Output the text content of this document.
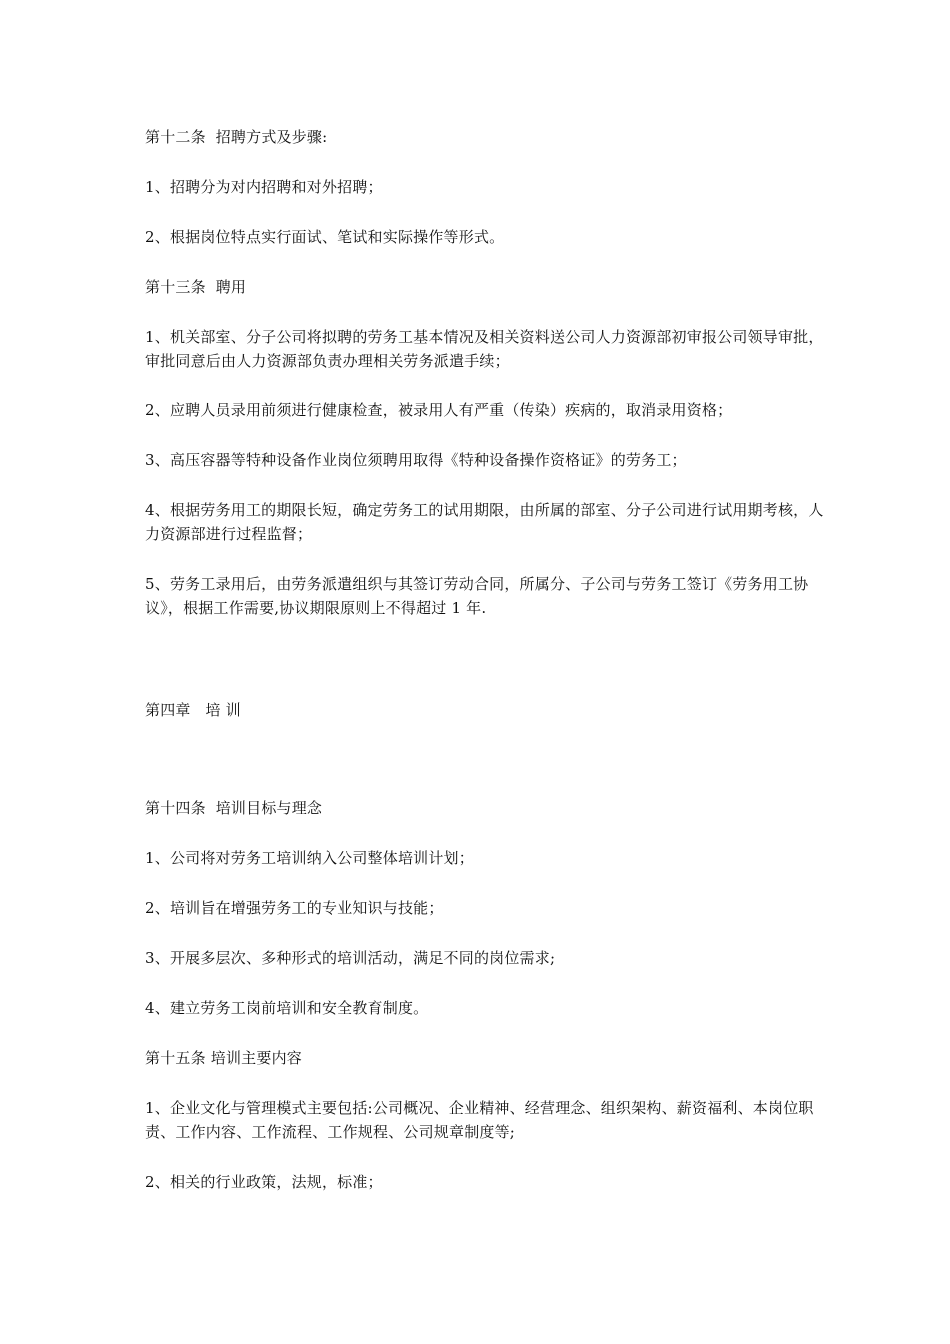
第十二条  招聘方式及步骤:

1、招聘分为对内招聘和对外招聘；

2、根据岗位特点实行面试、笔试和实际操作等形式。

第十三条  聘用

1、机关部室、分子公司将拟聘的劳务工基本情况及相关资料送公司人力资源部初审报公司领导审批，审批同意后由人力资源部负责办理相关劳务派遣手续；

2、应聘人员录用前须进行健康检查，被录用人有严重（传染）疾病的，取消录用资格；

3、高压容器等特种设备作业岗位须聘用取得《特种设备操作资格证》的劳务工；

4、根据劳务用工的期限长短，确定劳务工的试用期限，由所属的部室、分子公司进行试用期考核，人力资源部进行过程监督；

5、劳务工录用后，由劳务派遣组织与其签订劳动合同，所属分、子公司与劳务工签订《劳务用工协议》，根据工作需要,协议期限原则上不得超过 1 年.

第四章   培 训

第十四条  培训目标与理念

1、公司将对劳务工培训纳入公司整体培训计划；

2、培训旨在增强劳务工的专业知识与技能；

3、开展多层次、多种形式的培训活动，满足不同的岗位需求;

4、建立劳务工岗前培训和安全教育制度。

第十五条 培训主要内容

1、企业文化与管理模式主要包括:公司概况、企业精神、经营理念、组织架构、薪资福利、本岗位职责、工作内容、工作流程、工作规程、公司规章制度等;

2、相关的行业政策，法规，标准；
